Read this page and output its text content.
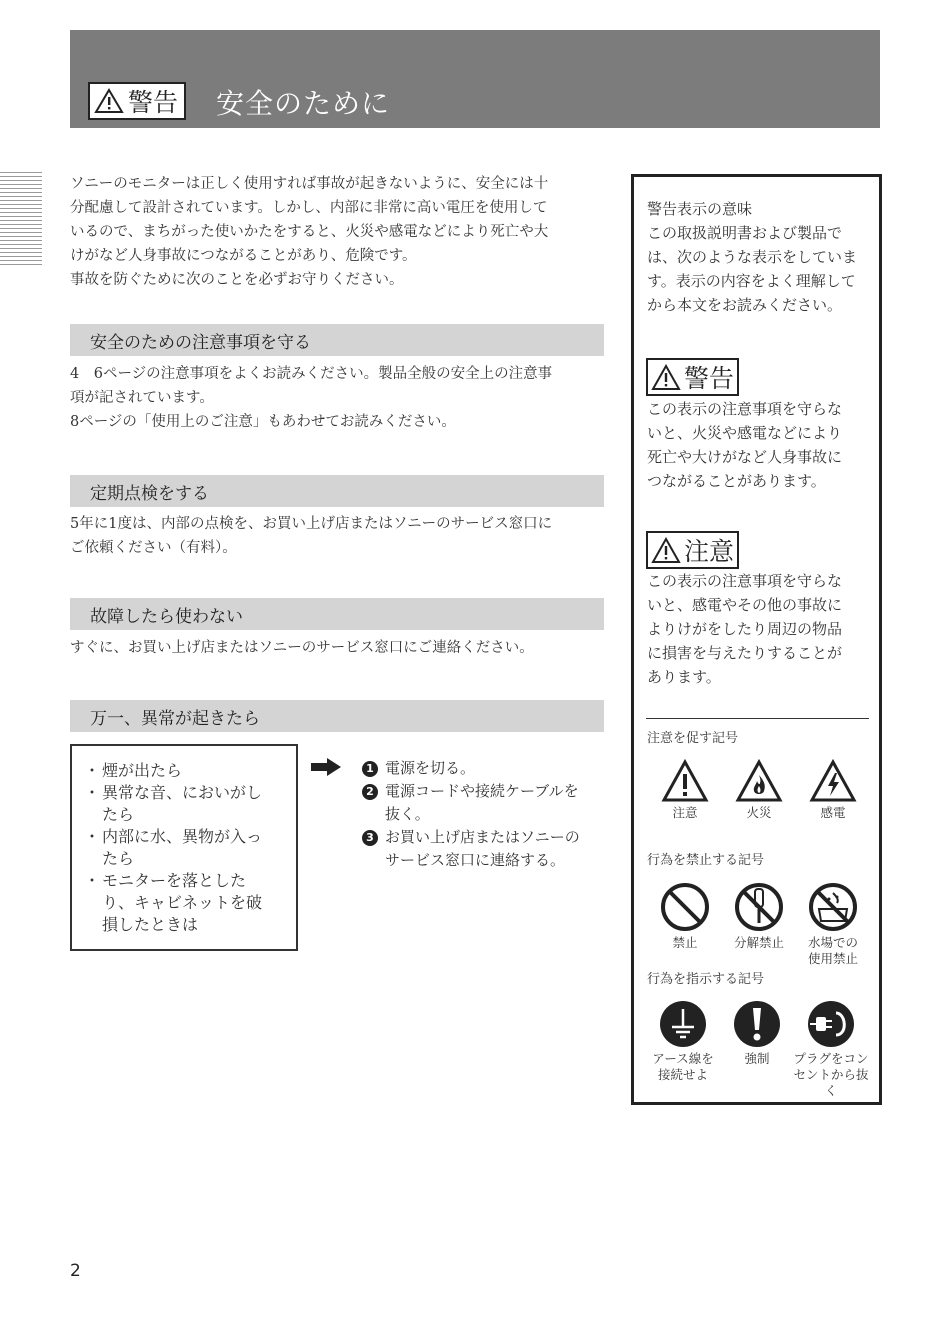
警告 安全のために
ソニーのモニターは正しく使用すれば事故が起きないように、安全には十
分配慮して設計されています。しかし、内部に非常に高い電圧を使用して
いるので、まちがった使いかたをすると、火災や感電などにより死亡や大
けがなど人身事故につながることがあり、危険です。
事故を防ぐために次のことを必ずお守りください。
安全のための注意事項を守る
4　6ページの注意事項をよくお読みください。製品全般の安全上の注意事
項が記されています。
8ページの「使用上のご注意」もあわせてお読みください。
定期点検をする
5年に1度は、内部の点検を、お買い上げ店またはソニーのサービス窓口に
ご依頼ください（有料）。
故障したら使わない
すぐに、お買い上げ店またはソニーのサービス窓口にご連絡ください。
万一、異常が起きたら
・ 煙が出たら
・ 異常な音、においがし
たら
・ 内部に水、異物が入っ
たら
・ モニターを落とした
り、キャビネットを破
損したときは
1 電源を切る。
2 電源コードや接続ケーブルを
抜く。
3 お買い上げ店またはソニーの
サービス窓口に連絡する。
警告表示の意味
この取扱説明書および製品で
は、次のような表示をしていま
す。表示の内容をよく理解して
から本文をお読みください。
警告
この表示の注意事項を守らな
いと、火災や感電などにより
死亡や大けがなど人身事故に
つながることがあります。
注意
この表示の注意事項を守らな
いと、感電やその他の事故に
よりけがをしたり周辺の物品
に損害を与えたりすることが
あります。
注意を促す記号
注意	火災	感電
行為を禁止する記号
禁止	分解禁止	水場での
使用禁止
行為を指示する記号
アース線を
接続せよ
強制	プラグをコン
セントから抜く
2
